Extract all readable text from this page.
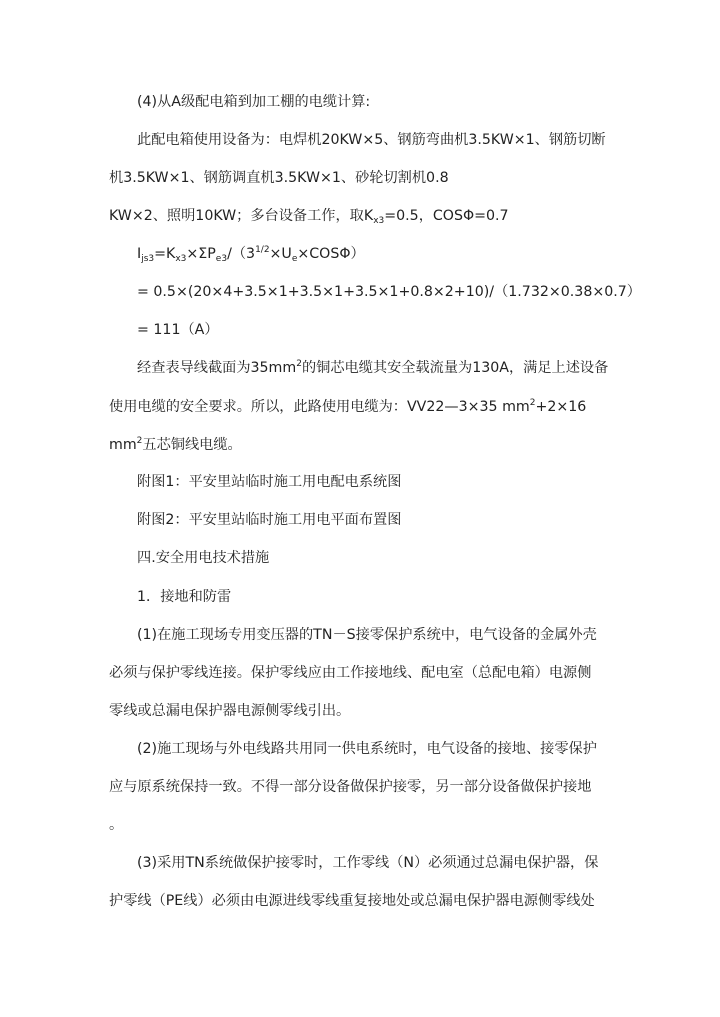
(4)从A级配电箱到加工棚的电缆计算:
此配电箱使用设备为：电焊机20KW×5、钢筋弯曲机3.5KW×1、钢筋切断
机3.5KW×1、钢筋调直机3.5KW×1、砂轮切割机0.8
KW×2、照明10KW；多台设备工作，取$K_{x3}=0.5$，COSΦ=0.7
$I_{js3}=K_{x3}\times\Sigma P_{e3}/(3^{1/2}\times U_e\times COS\Phi)$
= 0.5×(20×4+3.5×1+3.5×1+3.5×1+0.8×2+10)/（1.732×0.38×0.7）
= 111（A）
经查表导线截面为$35mm^2$的铜芯电缆其安全载流量为130A，满足上述设备
使用电缆的安全要求。所以，此路使用电缆为：VV22—3×35 $mm^2+2\times 16$
$mm^2$五芯铜线电缆。
附图1：平安里站临时施工用电配电系统图
附图2：平安里站临时施工用电平面布置图
四.安全用电技术措施
1．接地和防雷
(1)在施工现场专用变压器的TN－S接零保护系统中，电气设备的金属外壳
必须与保护零线连接。保护零线应由工作接地线、配电室（总配电箱）电源侧
零线或总漏电保护器电源侧零线引出。
(2)施工现场与外电线路共用同一供电系统时，电气设备的接地、接零保护
应与原系统保持一致。不得一部分设备做保护接零，另一部分设备做保护接地
。
(3)采用TN系统做保护接零时，工作零线（N）必须通过总漏电保护器，保
护零线（PE线）必须由电源进线零线重复接地处或总漏电保护器电源侧零线处
